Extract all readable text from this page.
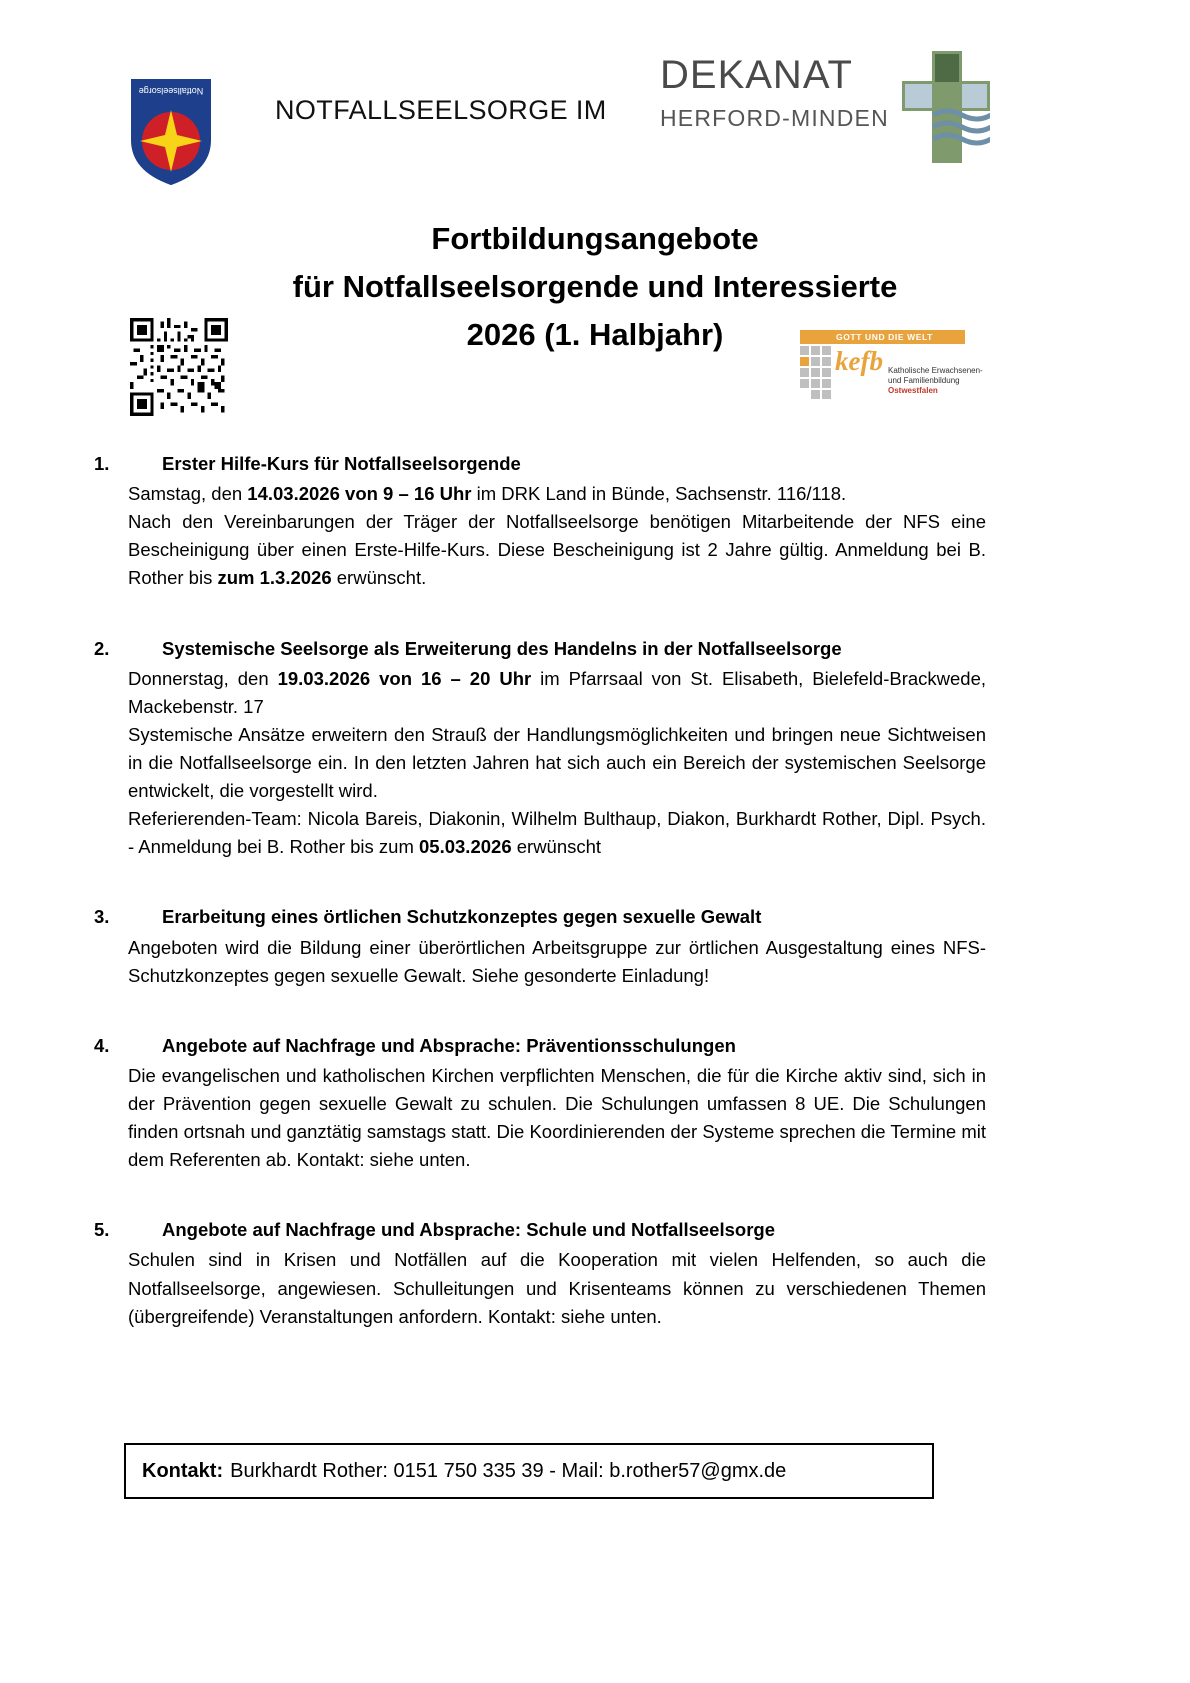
Notfallseelsorge
NOTFALLSEELSORGE IM
DEKANAT
HERFORD-MINDEN
Fortbildungsangebote
für Notfallseelsorgende und Interessierte
2026 (1. Halbjahr)	GOTT UND DIE WELT
kefb Katholische Erwachsenen-
und Familienbildung
Ostwestfalen
1.	Erster Hilfe-Kurs für Notfallseelsorgende

Samstag, den 14.03.2026 von 9 – 16 Uhr im DRK Land in Bünde, Sachsenstr. 116/118.

Nach den Vereinbarungen der Träger der Notfallseelsorge benötigen Mitarbeitende der NFS eine Bescheinigung über einen Erste-Hilfe-Kurs. Diese Bescheinigung ist 2 Jahre gültig. Anmeldung bei B. Rother bis zum 1.3.2026 erwünscht.

2.	Systemische Seelsorge als Erweiterung des Handelns in der Notfallseelsorge

Donnerstag, den 19.03.2026 von 16 – 20 Uhr im Pfarrsaal von St. Elisabeth, Bielefeld-Brackwede, Mackebenstr. 17

Systemische Ansätze erweitern den Strauß der Handlungsmöglichkeiten und bringen neue Sichtweisen in die Notfallseelsorge ein. In den letzten Jahren hat sich auch ein Bereich der systemischen Seelsorge entwickelt, die vorgestellt wird.

Referierenden-Team: Nicola Bareis, Diakonin, Wilhelm Bulthaup, Diakon, Burkhardt Rother, Dipl. Psych. - Anmeldung bei B. Rother bis zum 05.03.2026 erwünscht

3.	Erarbeitung eines örtlichen Schutzkonzeptes gegen sexuelle Gewalt

Angeboten wird die Bildung einer überörtlichen Arbeitsgruppe zur örtlichen Ausgestaltung eines NFS-Schutzkonzeptes gegen sexuelle Gewalt. Siehe gesonderte Einladung!

4.	Angebote auf Nachfrage und Absprache: Präventionsschulungen

Die evangelischen und katholischen Kirchen verpflichten Menschen, die für die Kirche aktiv sind, sich in der Prävention gegen sexuelle Gewalt zu schulen. Die Schulungen umfassen 8 UE. Die Schulungen finden ortsnah und ganztätig samstags statt. Die Koordinierenden der Systeme sprechen die Termine mit dem Referenten ab. Kontakt: siehe unten.

5.	Angebote auf Nachfrage und Absprache: Schule und Notfallseelsorge

Schulen sind in Krisen und Notfällen auf die Kooperation mit vielen Helfenden, so auch die Notfallseelsorge, angewiesen. Schulleitungen und Krisenteams können zu verschiedenen Themen (übergreifende) Veranstaltungen anfordern. Kontakt: siehe unten.

Kontakt: Burkhardt Rother: 0151 750 335 39 - Mail: b.rother57@gmx.de
